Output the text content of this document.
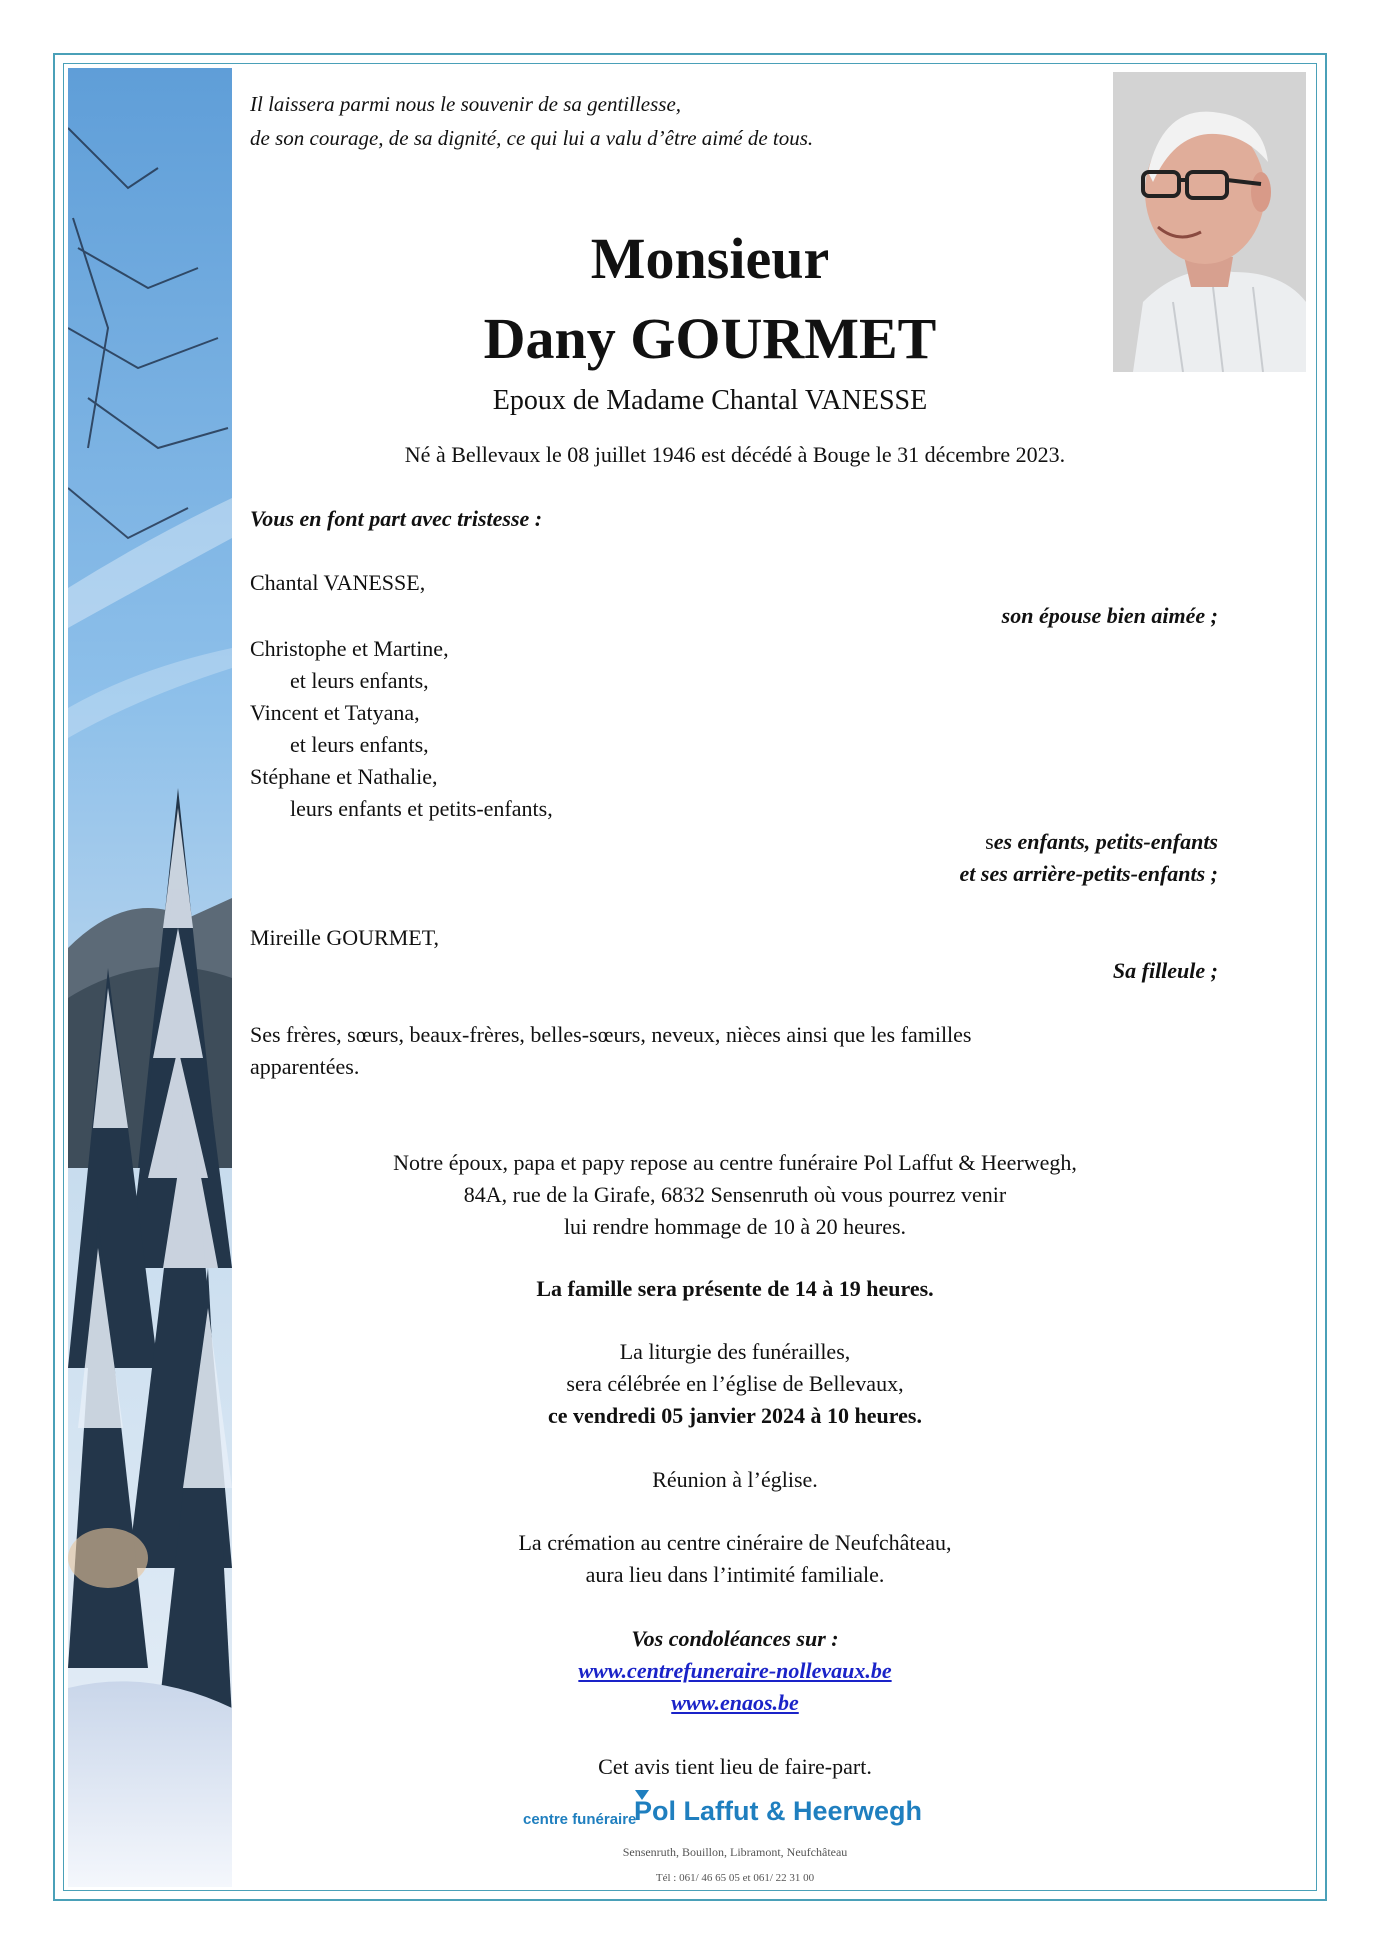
Il laissera parmi nous le souvenir de sa gentillesse,
de son courage, de sa dignité, ce qui lui a valu d’être aimé de tous.
Monsieur
Dany GOURMET
Epoux de Madame Chantal VANESSE
Né à Bellevaux le 08 juillet 1946 est décédé à Bouge le 31 décembre 2023.
Vous en font part avec tristesse :
Chantal VANESSE,
son épouse bien aimée ;
Christophe et Martine,
et leurs enfants,
Vincent et Tatyana,
et leurs enfants,
Stéphane et Nathalie,
leurs enfants et petits-enfants,
ses enfants, petits-enfants
et ses arrière-petits-enfants ;
Mireille GOURMET,
Sa filleule ;
Ses frères, sœurs, beaux-frères, belles-sœurs, neveux, nièces ainsi que les familles
apparentées.
Notre époux, papa et papy repose au centre funéraire Pol Laffut & Heerwegh,
84A, rue de la Girafe, 6832 Sensenruth où vous pourrez venir
lui rendre hommage de 10 à 20 heures.
La famille sera présente de 14 à 19 heures.
La liturgie des funérailles,
sera célébrée en l’église de Bellevaux,
ce vendredi 05 janvier 2024 à 10 heures.
Réunion à l’église.
La crémation au centre cinéraire de Neufchâteau,
aura lieu dans l’intimité familiale.
Vos condoléances sur :
www.centrefuneraire-nollevaux.be
www.enaos.be
Cet avis tient lieu de faire-part.
centre funéraire
Pol Laffut & Heerwegh
Sensenruth, Bouillon, Libramont, Neufchâteau
Tél : 061/ 46 65 05 et 061/ 22 31 00
